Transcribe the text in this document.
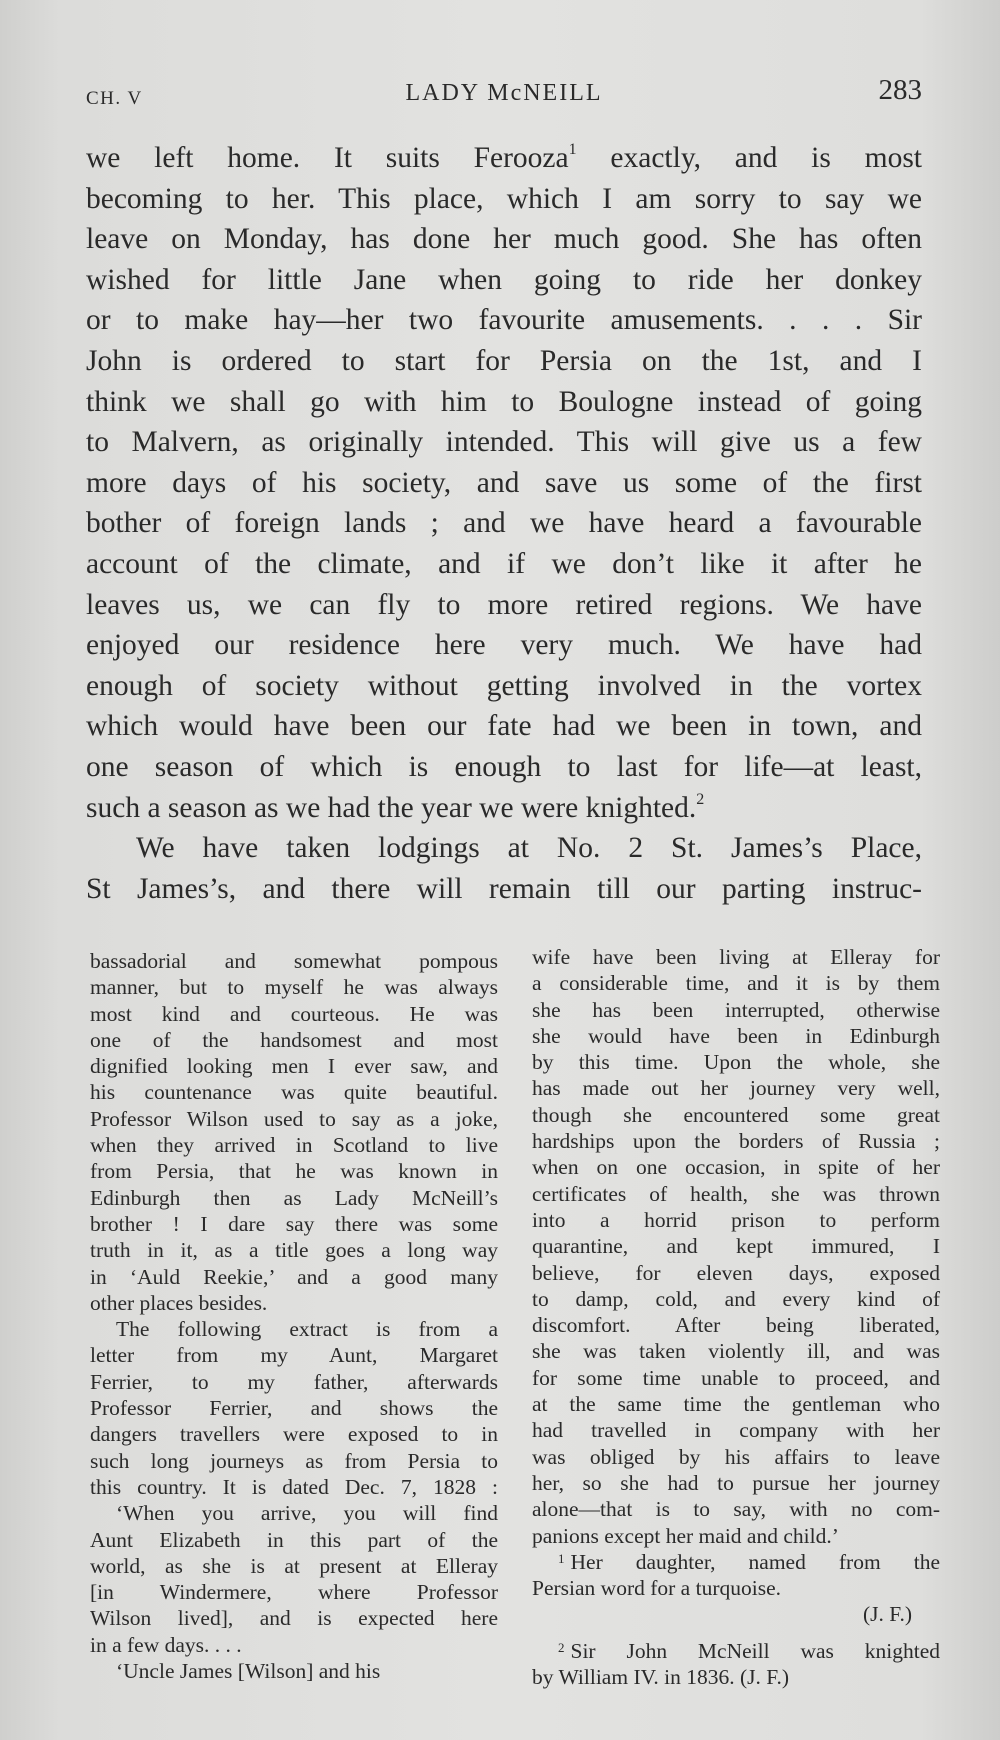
CH. V	LADY McNEILL	283
we left home. It suits Ferooza$^1$ exactly, and is most
becoming to her. This place, which I am sorry to say we
leave on Monday, has done her much good. She has often
wished for little Jane when going to ride her donkey
or to make hay—her two favourite amusements. . . . Sir
John is ordered to start for Persia on the 1st, and I
think we shall go with him to Boulogne instead of going
to Malvern, as originally intended. This will give us a few
more days of his society, and save us some of the first
bother of foreign lands ; and we have heard a favourable
account of the climate, and if we don’t like it after he
leaves us, we can fly to more retired regions. We have
enjoyed our residence here very much. We have had
enough of society without getting involved in the vortex
which would have been our fate had we been in town, and
one season of which is enough to last for life—at least,
such a season as we had the year we were knighted.$^2$
We have taken lodgings at No. 2 St. James’s Place,
St James’s, and there will remain till our parting instruc-
bassadorial and somewhat pompous
manner, but to myself he was always
most kind and courteous. He was
one of the handsomest and most
dignified looking men I ever saw, and
his countenance was quite beautiful.
Professor Wilson used to say as a joke,
when they arrived in Scotland to live
from Persia, that he was known in
Edinburgh then as Lady McNeill’s
brother ! I dare say there was some
truth in it, as a title goes a long way
in ‘Auld Reekie,’ and a good many
other places besides.
The following extract is from a
letter from my Aunt, Margaret
Ferrier, to my father, afterwards
Professor Ferrier, and shows the
dangers travellers were exposed to in
such long journeys as from Persia to
this country. It is dated Dec. 7, 1828 :
‘When you arrive, you will find
Aunt Elizabeth in this part of the
world, as she is at present at Elleray
[in Windermere, where Professor
Wilson lived], and is expected here
in a few days. . . .
‘Uncle James [Wilson] and his
wife have been living at Elleray for
a considerable time, and it is by them
she has been interrupted, otherwise
she would have been in Edinburgh
by this time. Upon the whole, she
has made out her journey very well,
though she encountered some great
hardships upon the borders of Russia ;
when on one occasion, in spite of her
certificates of health, she was thrown
into a horrid prison to perform
quarantine, and kept immured, I
believe, for eleven days, exposed
to damp, cold, and every kind of
discomfort. After being liberated,
she was taken violently ill, and was
for some time unable to proceed, and
at the same time the gentleman who
had travelled in company with her
was obliged by his affairs to leave
her, so she had to pursue her journey
alone—that is to say, with no com-
panions except her maid and child.’
$^1$ Her daughter, named from the
Persian word for a turquoise.
(J. F.)
$^2$ Sir John McNeill was knighted
by William IV. in 1836. (J. F.)
